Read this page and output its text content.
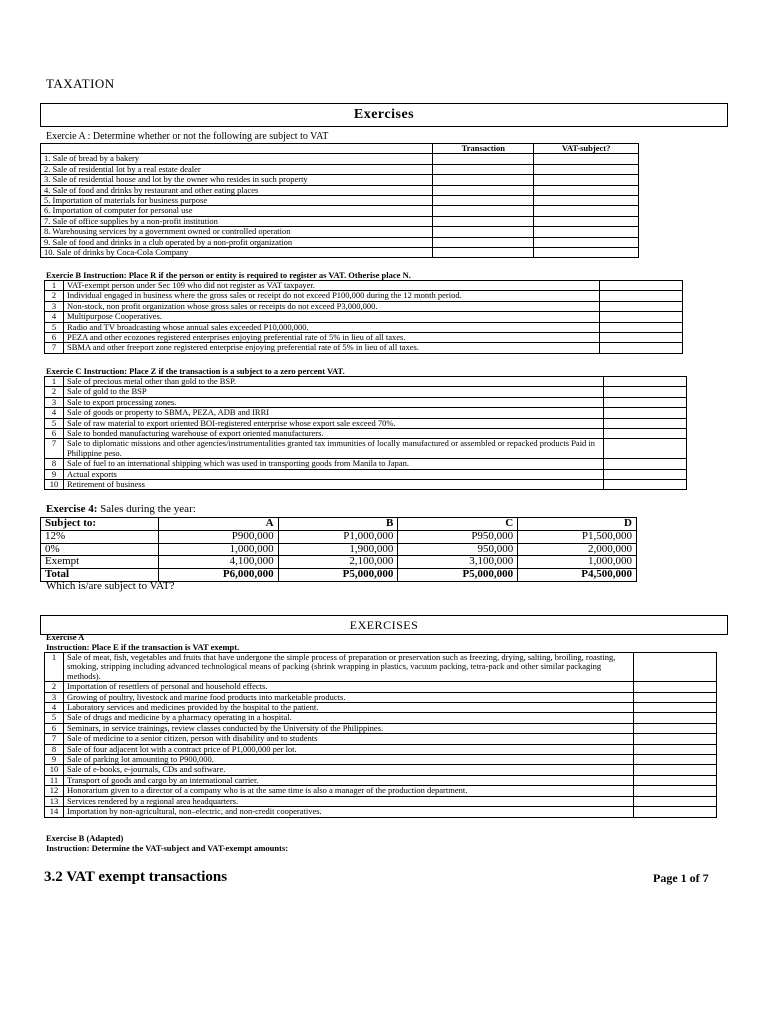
TAXATION
Exercises
Exercie A : Determine whether or not the following are subject to VAT
	Transaction	VAT-subject?
1. Sale of bread by a bakery		
2. Sale of residential lot by a real estate dealer		
3. Sale of residential house and lot by the owner who resides in such property		
4. Sale of food and drinks by restaurant and other eating places		
5. Importation of materials for business purpose		
6. Importation of computer for personal use		
7. Sale of office supplies by a non-profit institution		
8. Warehousing services by a government owned or controlled operation		
9. Sale of food and drinks in a club operated by a non-profit organization		
10. Sale of drinks by Coca-Cola Company		
Exercie B Instruction: Place R if the person or entity is required to register as VAT. Otherise place N.
1	VAT-exempt person under Sec 109 who did not register as VAT taxpayer.	
2	Individual engaged in business where the gross sales or receipt do not exceed P100,000 during the 12 month period.	
3	Non-stock, non profit organization whose gross sales or receipts do not exceed P3,000,000.	
4	Multipurpose Cooperatives.	
5	Radio and TV broadcasting whose annual sales exceeded P10,000,000.	
6	PEZA and other ecozones registered enterprises enjoying preferential rate of 5% in lieu of all taxes.	
7	SBMA and other freeport zone registered enterprise enjoying preferential rate of 5% in lieu of all taxes.	
Exercie C Instruction: Place Z if the transaction is a subject to a zero percent VAT.
1	Sale of precious metal other than gold to the BSP.	
2	Sale of gold to the BSP	
3	Sale to export processing zones.	
4	Sale of goods or property to SBMA, PEZA, ADB and IRRI	
5	Sale of raw material to export oriented BOI-registered enterprise whose export sale exceed 70%.	
6	Sale to bonded manufacturing warehouse of export oriented manufacturers.	
7	Sale to diplomatic missions and other agencies/instrumentalities granted tax immunities of locally manufactured or assembled or repacked products Paid in Philippine peso.	
8	Sale of fuel to an international shipping which was used in transporting goods from Manila to Japan.	
9	Actual exports	
10	Retirement of business	
Exercise 4: Sales during the year:
Subject to:	A	B	C	D
12%	P900,000	P1,000,000	P950,000	P1,500,000
0%	1,000,000	1,900,000	950,000	2,000,000
Exempt	4,100,000	2,100,000	3,100,000	1,000,000
Total	P6,000,000	P5,000,000	P5,000,000	P4,500,000
Which is/are subject to VAT?
EXERCISES
Exercise A
Instruction: Place E if the transaction is VAT exempt.
1	Sale of meat, fish, vegetables and fruits that have undergone the simple process of preparation or preservation such as freezing, drying, salting, broiling, roasting, smoking, stripping including advanced technological means of packing (shrink wrapping in plastics, vacuum packing, tetra-pack and other similar packaging methods).	
2	Importation of resettlers of personal and household effects.	
3	Growing of poultry, livestock and marine food products into marketable products.	
4	Laboratory services and medicines provided by the hospital to the patient.	
5	Sale of drugs and medicine by a pharmacy operating in a hospital.	
6	Seminars, in service trainings, review classes conducted by the University of the Philippines.	
7	Sale of medicine to a senior citizen, person with disability and to students	
8	Sale of four adjacent lot with a contract price of P1,000,000 per lot.	
9	Sale of parking lot amounting to P900,000.	
10	Sale of e-books, e-journals, CDs and software.	
11	Transport of goods and cargo by an international carrier.	
12	Honorarium given to a director of a company who is at the same time is also a manager of the production department.	
13	Services rendered by a regional area headquarters.	
14	Importation by non-agricultural, non–electric, and non-credit cooperatives.	
Exercise B (Adapted)
Instruction: Determine the VAT-subject and VAT-exempt amounts:
3.2 VAT exempt transactions	Page 1 of 7
